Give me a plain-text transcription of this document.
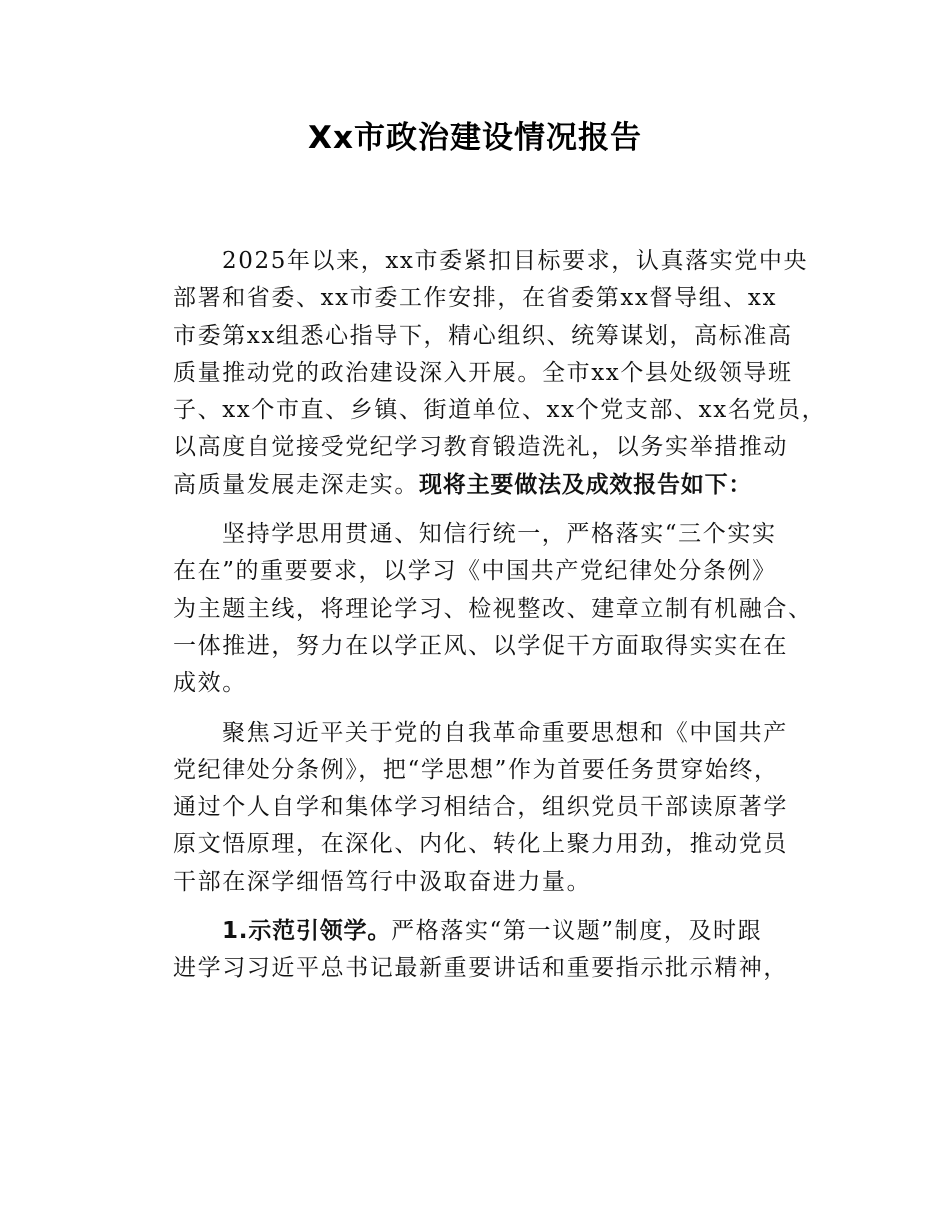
Xx市政治建设情况报告
2025年以来，xx市委紧扣目标要求，认真落实党中央
部署和省委、xx市委工作安排，在省委第xx督导组、xx
市委第xx组悉心指导下，精心组织、统筹谋划，高标准高
质量推动党的政治建设深入开展。全市xx个县处级领导班
子、xx个市直、乡镇、街道单位、xx个党支部、xx名党员，
以高度自觉接受党纪学习教育锻造洗礼，以务实举措推动
高质量发展走深走实。现将主要做法及成效报告如下：
坚持学思用贯通、知信行统一，严格落实“三个实实
在在”的重要要求，以学习《中国共产党纪律处分条例》
为主题主线，将理论学习、检视整改、建章立制有机融合、
一体推进，努力在以学正风、以学促干方面取得实实在在
成效。
聚焦习近平关于党的自我革命重要思想和《中国共产
党纪律处分条例》，把“学思想”作为首要任务贯穿始终，
通过个人自学和集体学习相结合，组织党员干部读原著学
原文悟原理，在深化、内化、转化上聚力用劲，推动党员
干部在深学细悟笃行中汲取奋进力量。
1.示范引领学。严格落实“第一议题”制度，及时跟
进学习习近平总书记最新重要讲话和重要指示批示精神，
